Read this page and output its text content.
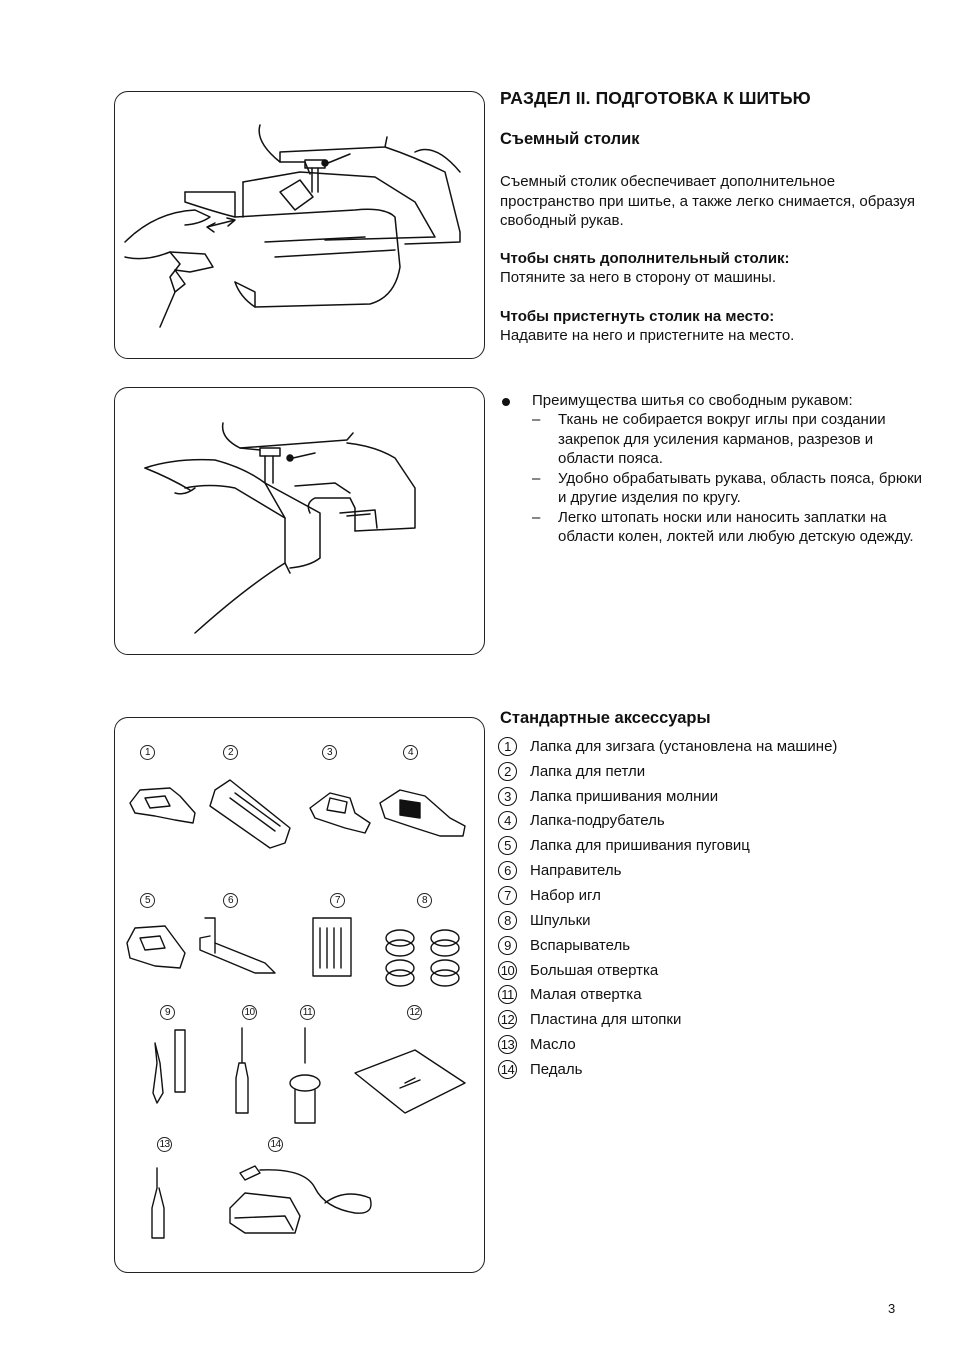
1	2	3	4
5	6	7	8
9	10	11	12
13	14
РАЗДЕЛ II. ПОДГОТОВКА К ШИТЬЮ
Съемный столик
Съемный столик обеспечивает дополнительное пространство при шитье, а также легко снимается, образуя свободный рукав.
Чтобы снять дополнительный столик:
Потяните за него в сторону от машины.
Чтобы пристегнуть столик на место:
Надавите на него и пристегните на место.
Преимущества шитья со свободным рукавом:
– Ткань не собирается вокруг иглы при создании закрепок для усиления карманов, разрезов и области пояса.
– Удобно обрабатывать рукава, область пояса, брюки и другие изделия по кругу.
– Легко штопать носки или наносить заплатки на области колен, локтей или любую детскую одежду.
Стандартные аксессуары
1	Лапка для зигзага (установлена на машине)
2	Лапка для петли
3	Лапка пришивания молнии
4	Лапка-подрубатель
5	Лапка для пришивания пуговиц
6	Направитель
7	Набор игл
8	Шпульки
9	Вспарыватель
10 Большая отвертка
11 Малая отвертка
12 Пластина для штопки
13 Масло
14 Педаль
3
